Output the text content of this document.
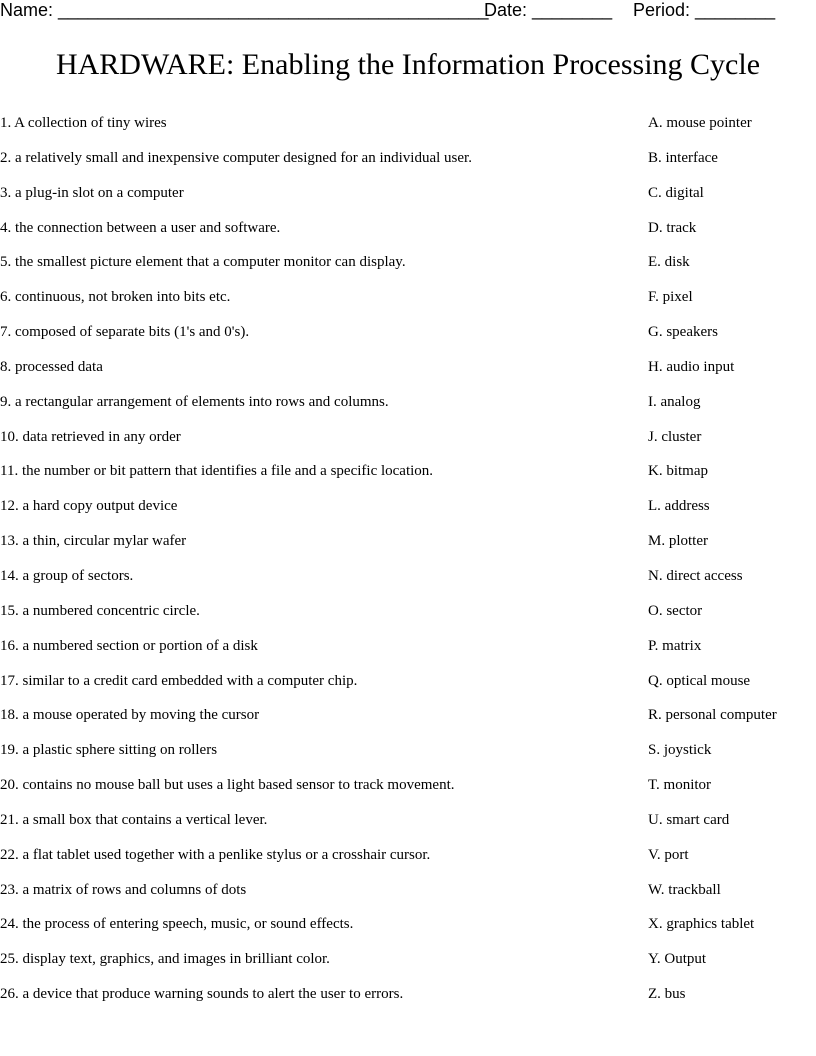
Name: ___________________________________________
Date: ________ Period: ________
HARDWARE: Enabling the Information Processing Cycle
1. A collection of tiny wires
2. a relatively small and inexpensive computer designed for an individual user.
3. a plug-in slot on a computer
4. the connection between a user and software.
5. the smallest picture element that a computer monitor can display.
6. continuous, not broken into bits etc.
7. composed of separate bits (1's and 0's).
8. processed data
9. a rectangular arrangement of elements into rows and columns.
10. data retrieved in any order
11. the number or bit pattern that identifies a file and a specific location.
12. a hard copy output device
13. a thin, circular mylar wafer
14. a group of sectors.
15. a numbered concentric circle.
16. a numbered section or portion of a disk
17. similar to a credit card embedded with a computer chip.
18. a mouse operated by moving the cursor
19. a plastic sphere sitting on rollers
20. contains no mouse ball but uses a light based sensor to track movement.
21. a small box that contains a vertical lever.
22. a flat tablet used together with a penlike stylus or a crosshair cursor.
23. a matrix of rows and columns of dots
24. the process of entering speech, music, or sound effects.
25. display text, graphics, and images in brilliant color.
26. a device that produce warning sounds to alert the user to errors.
A. mouse pointer
B. interface
C. digital
D. track
E. disk
F. pixel
G. speakers
H. audio input
I. analog
J. cluster
K. bitmap
L. address
M. plotter
N. direct access
O. sector
P. matrix
Q. optical mouse
R. personal computer
S. joystick
T. monitor
U. smart card
V. port
W. trackball
X. graphics tablet
Y. Output
Z. bus
